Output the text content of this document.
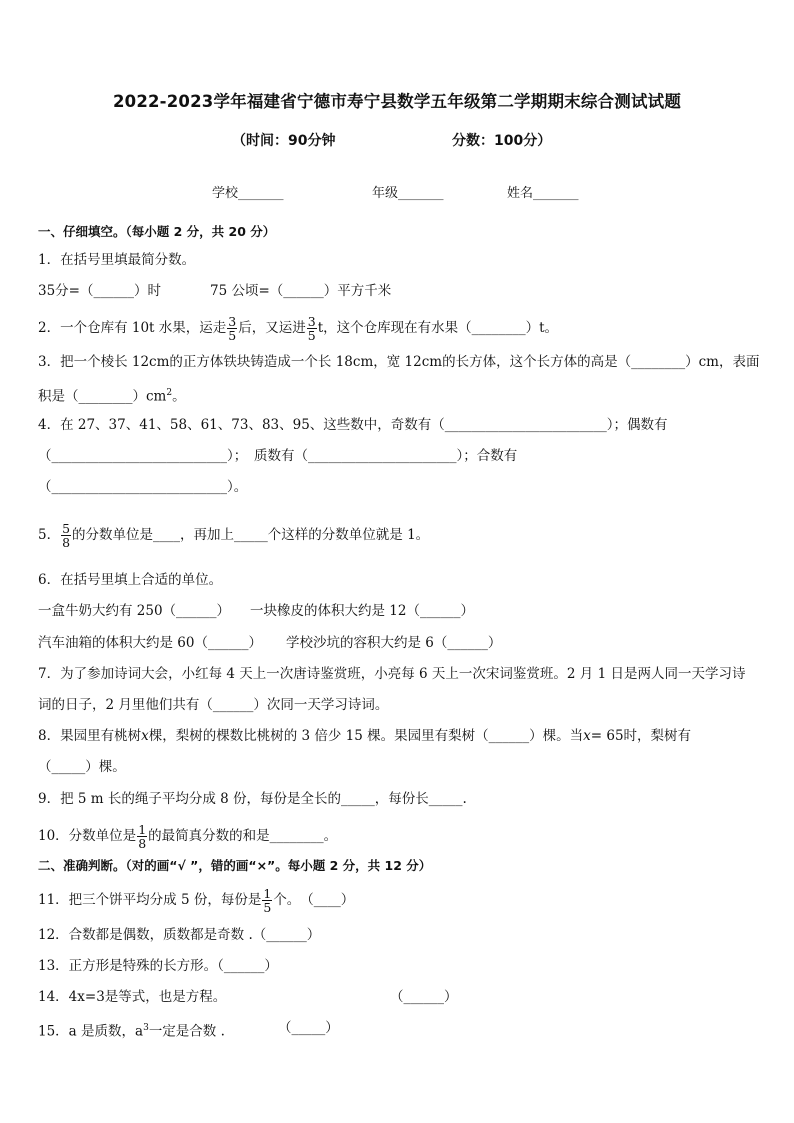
2022-2023学年福建省宁德市寿宁县数学五年级第二学期期末综合测试试题
（时间：90分钟	分数：100分）
学校_______	年级_______	姓名_______
一、仔细填空。（每小题 2 分，共 20 分）
1．在括号里填最简分数。
35分=（______）时	75 公顷=（______）平方千米
2．一个仓库有 10t 水果，运走 $\frac{3}{5}$ 后，又运进 $\frac{3}{5}$ t，这个仓库现在有水果（________）t。
3．把一个棱长 12cm的正方体铁块铸造成一个长 18cm，宽 12cm的长方体，这个长方体的高是（________）cm，表面
积是$(\_\_\_\_\_\_\_\_)cm^2$。
4．在 27、37、41、58、61、73、83、95、这些数中，奇数有（________________________）；偶数有
（__________________________）；　质数有（______________________）；合数有
（__________________________）。
5． $\frac{5}{8}$ 的分数单位是____，再加上_____个这样的分数单位就是 1。
6．在括号里填上合适的单位。
一盒牛奶大约有 250（______） 一块橡皮的体积大约是 12（______）
汽车油箱的体积大约是 60（______） 学校沙坑的容积大约是 6（______）
7．为了参加诗词大会，小红每 4 天上一次唐诗鉴赏班，小亮每 6 天上一次宋词鉴赏班。2 月 1 日是两人同一天学习诗
词的日子，2 月里他们共有（______）次同一天学习诗词。
8．果园里有桃树x棵，梨树的棵数比桃树的 3 倍少 15 棵。果园里有梨树（______）棵。当x= 65时，梨树有
（_____）棵。
9．把 5 m 长的绳子平均分成 8 份，每份是全长的_____，每份长_____.
10．分数单位是 $\frac{1}{8}$ 的最简真分数的和是________。
二、准确判断。（对的画“√ ”，错的画“×”。每小题 2 分，共 12 分）
11．把三个饼平均分成 5 份，每份是 $\frac{1}{5}$ 个。　（____）
12．合数都是偶数，质数都是奇数 .（______）
13．正方形是特殊的长方形。（______）
14．4x=3是等式，也是方程。	（______）
15．a 是质数，$a^3$一定是合数 .	（_____）
